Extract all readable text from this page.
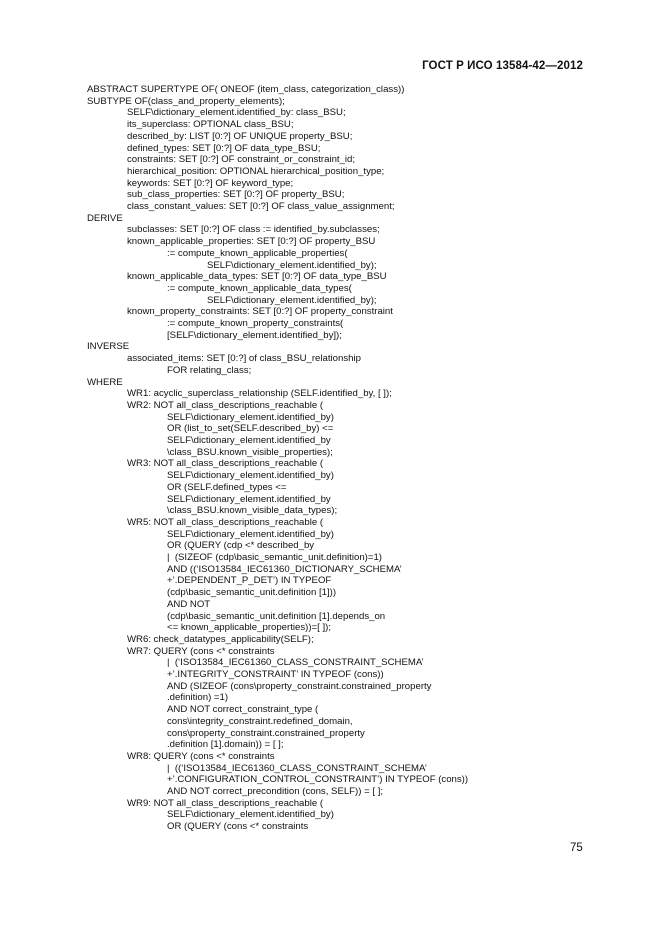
ГОСТ Р ИСО 13584-42—2012
ABSTRACT SUPERTYPE OF( ONEOF (item_class, categorization_class))
SUBTYPE OF(class_and_property_elements);
SELF\dictionary_element.identified_by: class_BSU;
its_superclass: OPTIONAL class_BSU;
described_by: LIST [0:?] OF UNIQUE property_BSU;
defined_types: SET [0:?] OF data_type_BSU;
constraints: SET [0:?] OF constraint_or_constraint_id;
hierarchical_position: OPTIONAL hierarchical_position_type;
keywords: SET [0:?] OF keyword_type;
sub_class_properties: SET [0:?] OF property_BSU;
class_constant_values: SET [0:?] OF class_value_assignment;
DERIVE
subclasses: SET [0:?] OF class := identified_by.subclasses;
known_applicable_properties: SET [0:?] OF property_BSU
:= compute_known_applicable_properties(
SELF\dictionary_element.identified_by);
known_applicable_data_types: SET [0:?] OF data_type_BSU
:= compute_known_applicable_data_types(
SELF\dictionary_element.identified_by);
known_property_constraints: SET [0:?] OF property_constraint
:= compute_known_property_constraints(
[SELF\dictionary_element.identified_by]);
INVERSE
associated_items: SET [0:?] of class_BSU_relationship
FOR relating_class;
WHERE
WR1: acyclic_superclass_relationship (SELF.identified_by, [ ]);
WR2: NOT all_class_descriptions_reachable (
SELF\dictionary_element.identified_by)
OR (list_to_set(SELF.described_by) <=
SELF\dictionary_element.identified_by
\class_BSU.known_visible_properties);
WR3: NOT all_class_descriptions_reachable (
SELF\dictionary_element.identified_by)
OR (SELF.defined_types <=
SELF\dictionary_element.identified_by
\class_BSU.known_visible_data_types);
WR5: NOT all_class_descriptions_reachable (
SELF\dictionary_element.identified_by)
OR (QUERY (cdp <* described_by
|  (SIZEOF (cdp\basic_semantic_unit.definition)=1)
AND ((‘ISO13584_IEC61360_DICTIONARY_SCHEMA’
+’.DEPENDENT_P_DET’) IN TYPEOF
(cdp\basic_semantic_unit.definition [1]))
AND NOT
(cdp\basic_semantic_unit.definition [1].depends_on
<= known_applicable_properties))=[ ]);
WR6: check_datatypes_applicability(SELF);
WR7: QUERY (cons <* constraints
|  (‘ISO13584_IEC61360_CLASS_CONSTRAINT_SCHEMA’
+’.INTEGRITY_CONSTRAINT’ IN TYPEOF (cons))
AND (SIZEOF (cons\property_constraint.constrained_property
.definition) =1)
AND NOT correct_constraint_type (
cons\integrity_constraint.redefined_domain,
cons\property_constraint.constrained_property
.definition [1].domain)) = [ ];
WR8: QUERY (cons <* constraints
|  ((‘ISO13584_IEC61360_CLASS_CONSTRAINT_SCHEMA’
+’.CONFIGURATION_CONTROL_CONSTRAINT’) IN TYPEOF (cons))
AND NOT correct_precondition (cons, SELF)) = [ ];
WR9: NOT all_class_descriptions_reachable (
SELF\dictionary_element.identified_by)
OR (QUERY (cons <* constraints
75
